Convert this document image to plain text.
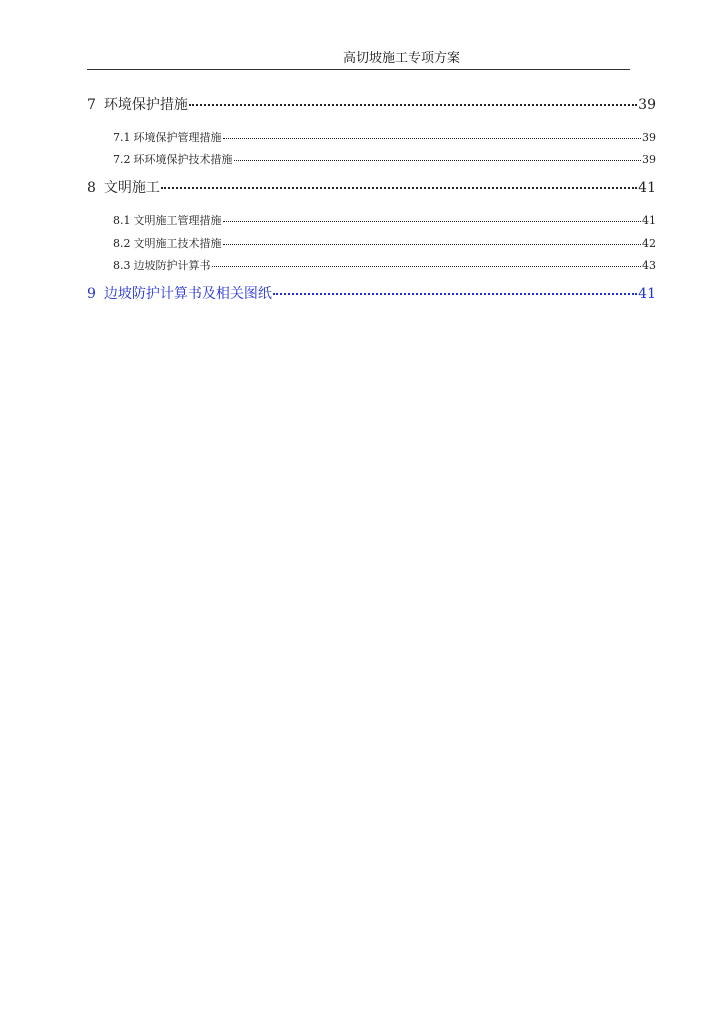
高切坡施工专项方案
7 环境保护措施	39
7.1 环境保护管理措施	39
7.2 环环境保护技术措施	39
8 文明施工	41
8.1 文明施工管理措施	41
8.2 文明施工技术措施	42
8.3 边坡防护计算书	43
9 边坡防护计算书及相关图纸	41
